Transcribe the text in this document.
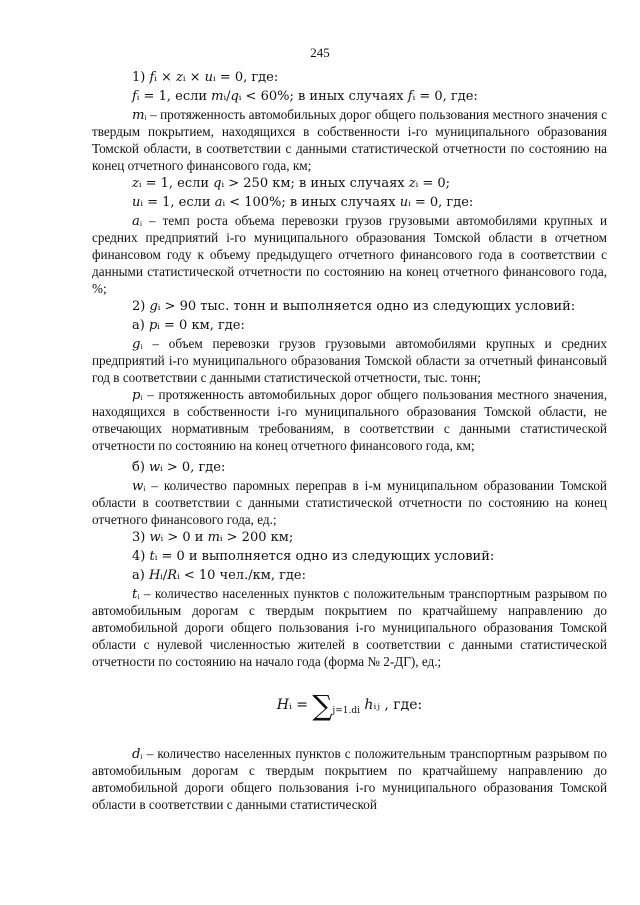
245

1) 𝑓ᵢ × 𝑧ᵢ × 𝑢ᵢ = 0, где:

𝑓ᵢ = 1, если 𝑚ᵢ/𝑞ᵢ < 60%; в иных случаях 𝑓ᵢ = 0, где:

𝑚ᵢ – протяженность автомобильных дорог общего пользования местного значения с твердым покрытием, находящихся в собственности i-го муниципального образования Томской области, в соответствии с данными статистической отчетности по состоянию на конец отчетного финансового года, км;

𝑧ᵢ = 1, если 𝑞ᵢ > 250 км; в иных случаях 𝑧ᵢ = 0;

𝑢ᵢ = 1, если 𝑎ᵢ < 100%; в иных случаях 𝑢ᵢ = 0, где:

𝑎ᵢ – темп роста объема перевозки грузов грузовыми автомобилями крупных и средних предприятий i-го муниципального образования Томской области в отчетном финансовом году к объему предыдущего отчетного финансового года в соответствии с данными статистической отчетности по состоянию на конец отчетного финансового года, %;

2) 𝑔ᵢ > 90 тыс. тонн и выполняется одно из следующих условий:

а) 𝑝ᵢ = 0 км, где:

𝑔ᵢ – объем перевозки грузов грузовыми автомобилями крупных и средних предприятий i-го муниципального образования Томской области за отчетный финансовый год в соответствии с данными статистической отчетности, тыс. тонн;

𝑝ᵢ – протяженность автомобильных дорог общего пользования местного значения, находящихся в собственности i-го муниципального образования Томской области, не отвечающих нормативным требованиям, в соответствии с данными статистической отчетности по состоянию на конец отчетного финансового года, км;

б) 𝑤ᵢ > 0, где:

𝑤ᵢ – количество паромных переправ в i-м муниципальном образовании Томской области в соответствии с данными статистической отчетности по состоянию на конец отчетного финансового года, ед.;

3) 𝑤ᵢ > 0 и 𝑚ᵢ > 200 км;

4) 𝑡ᵢ = 0 и выполняется одно из следующих условий:

а) 𝐻ᵢ/𝑅ᵢ < 10 чел./км, где:

𝑡ᵢ – количество населенных пунктов с положительным транспортным разрывом по автомобильным дорогам с твердым покрытием по кратчайшему направлению до автомобильной дороги общего пользования i-го муниципального образования Томской области с нулевой численностью жителей в соответствии с данными статистической отчетности по состоянию на начало года (форма № 2-ДГ), ед.;

𝐻ᵢ = $\sum_{j=1.di}$ ℎᵢⱼ , где:

𝑑ᵢ – количество населенных пунктов с положительным транспортным разрывом по автомобильным дорогам с твердым покрытием по кратчайшему направлению до автомобильной дороги общего пользования i-го муниципального образования Томской области в соответствии с данными статистической
